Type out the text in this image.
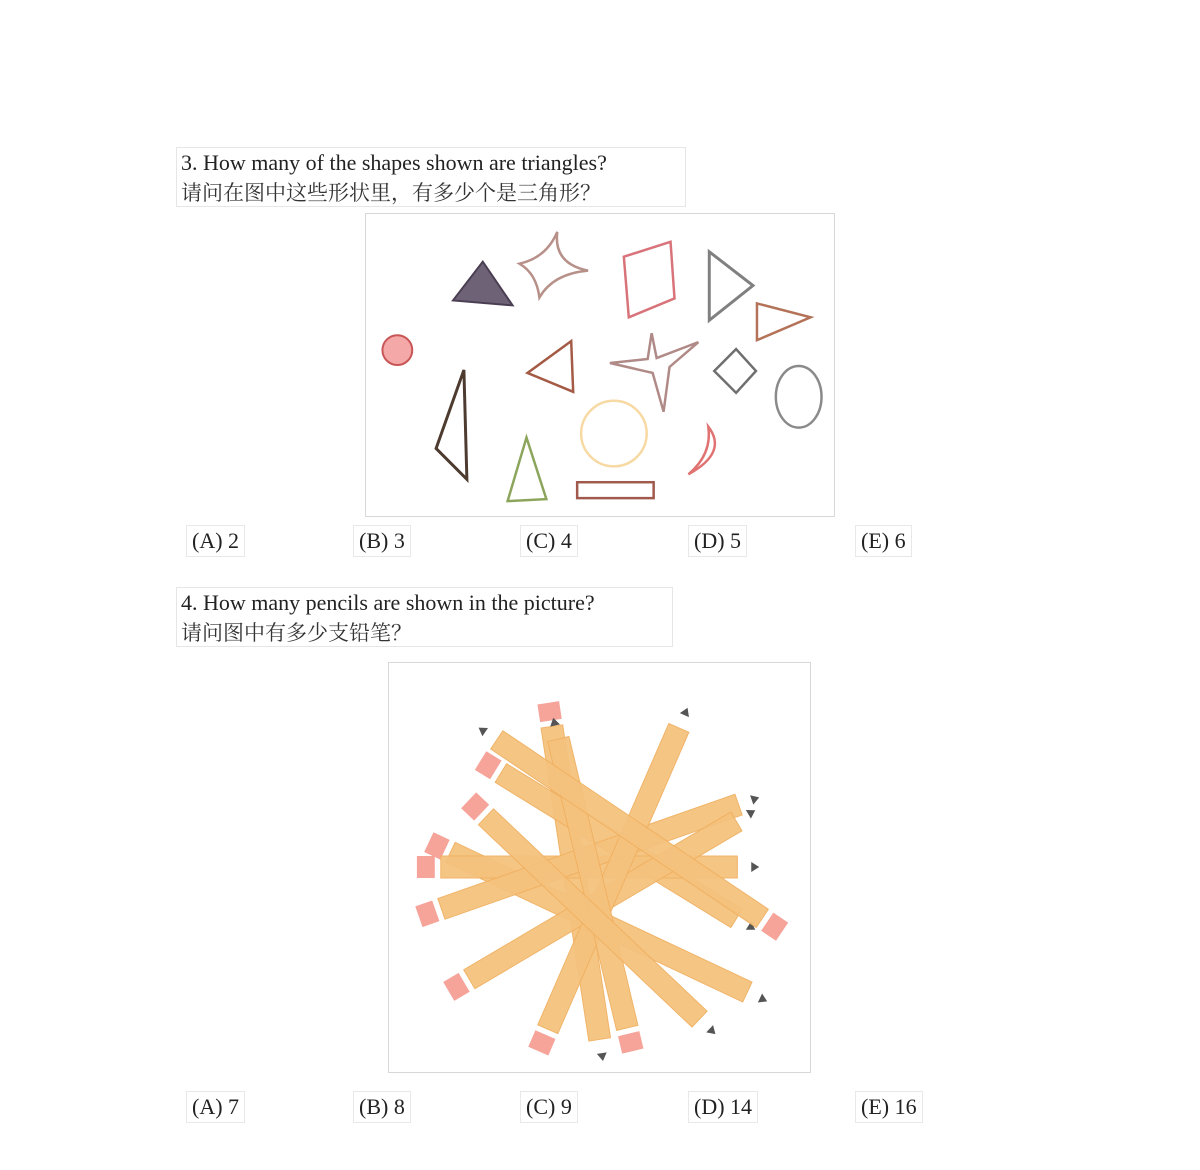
3. How many of the shapes shown are triangles?
请问在图中这些形状里，有多少个是三角形？
(A) 2	(B) 3	(C) 4	(D) 5	(E) 6
4. How many pencils are shown in the picture?
请问图中有多少支铅笔？
(A) 7	(B) 8	(C) 9	(D) 14	(E) 16
